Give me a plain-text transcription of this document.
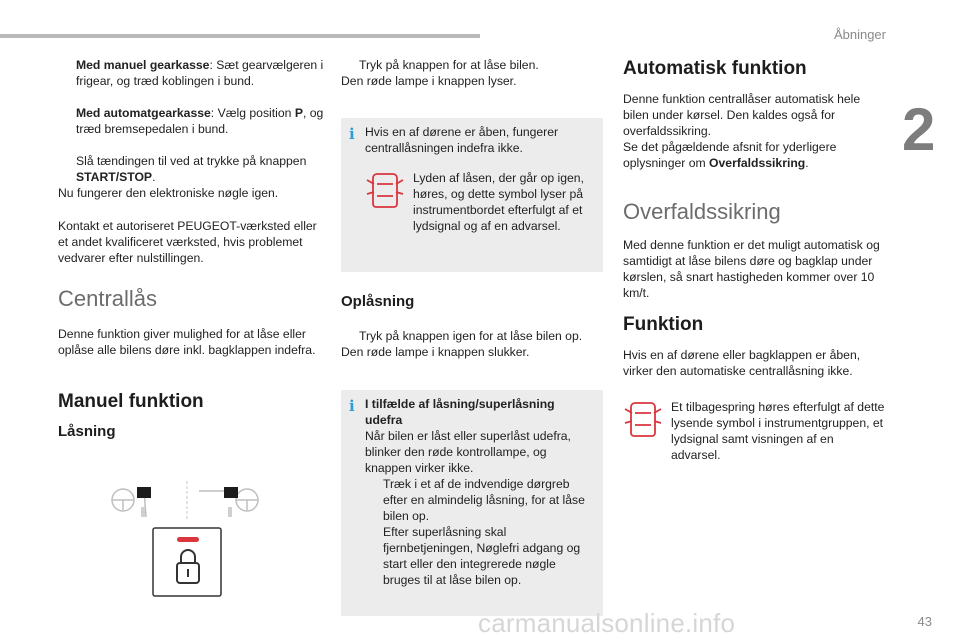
Åbninger
2
Med manuel gearkasse: Sæt gearvælgeren i frigear, og træd koblingen i bund.
Med automatgearkasse: Vælg position P, og træd bremsepedalen i bund.
Slå tændingen til ved at trykke på knappen START/STOP.

Nu fungerer den elektroniske nøgle igen.

Kontakt et autoriseret PEUGEOT-værksted eller et andet kvalificeret værksted, hvis problemet vedvarer efter nulstillingen.

Centrallås

Denne funktion giver mulighed for at låse eller oplåse alle bilens døre inkl. bagklappen indefra.

Manuel funktion
Låsning
Tryk på knappen for at låse bilen.

Den røde lampe i knappen lyser.

i Hvis en af dørene er åben, fungerer centrallåsningen indefra ikke.

Lyden af låsen, der går op igen, høres, og dette symbol lyser på instrumentbordet efterfulgt af et lydsignal og af en advarsel.

Oplåsning
Tryk på knappen igen for at låse bilen op.

Den røde lampe i knappen slukker.

i I tilfælde af låsning/superlåsning udefra

Når bilen er låst eller superlåst udefra, blinker den røde kontrollampe, og knappen virker ikke.

Træk i et af de indvendige dørgreb efter en almindelig låsning, for at låse bilen op.
Efter superlåsning skal fjernbetjeningen, Nøglefri adgang og start eller den integrerede nøgle bruges til at låse bilen op.
Automatisk funktion

Denne funktion centrallåser automatisk hele bilen under kørsel. Den kaldes også for overfaldssikring.

Se det pågældende afsnit for yderligere oplysninger om Overfaldssikring.

Overfaldssikring

Med denne funktion er det muligt automatisk og samtidigt at låse bilens døre og bagklap under kørslen, så snart hastigheden kommer over 10 km/t.

Funktion

Hvis en af dørene eller bagklappen er åben, virker den automatiske centrallåsning ikke.

Et tilbagespring høres efterfulgt af dette lysende symbol i instrumentgruppen, et lydsignal samt visningen af en advarsel.

carmanualsonline.info	43
